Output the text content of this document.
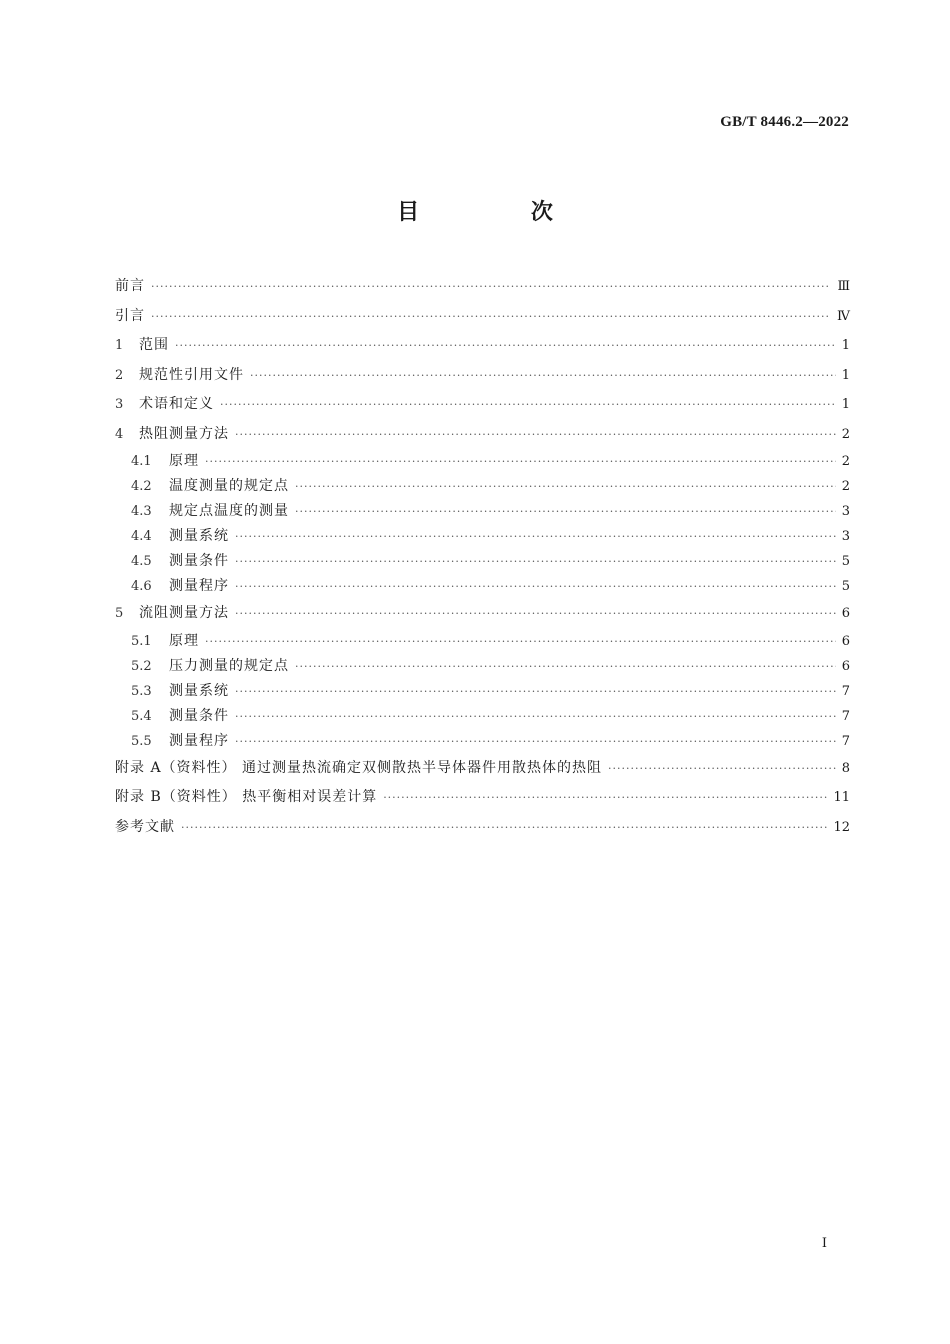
GB/T 8446.2—2022
目 次
前言 ·····	Ⅲ
引言 ·····	Ⅳ
1	范围 ·····	1
2	规范性引用文件 ·····	1
3	术语和定义 ·····	1
4	热阻测量方法 ·····	2
4.1	原理 ·····	2
4.2	温度测量的规定点 ·····	2
4.3	规定点温度的测量 ·····	3
4.4	测量系统 ·····	3
4.5	测量条件 ·····	5
4.6	测量程序 ·····	5
5	流阻测量方法 ·····	6
5.1	原理 ·····	6
5.2	压力测量的规定点 ·····	6
5.3	测量系统 ·····	7
5.4	测量条件 ·····	7
5.5	测量程序 ·····	7
附录 A（资料性） 通过测量热流确定双侧散热半导体器件用散热体的热阻 ·····	8
附录 B（资料性） 热平衡相对误差计算 ·····	11
参考文献 ·····	12
Ⅰ
